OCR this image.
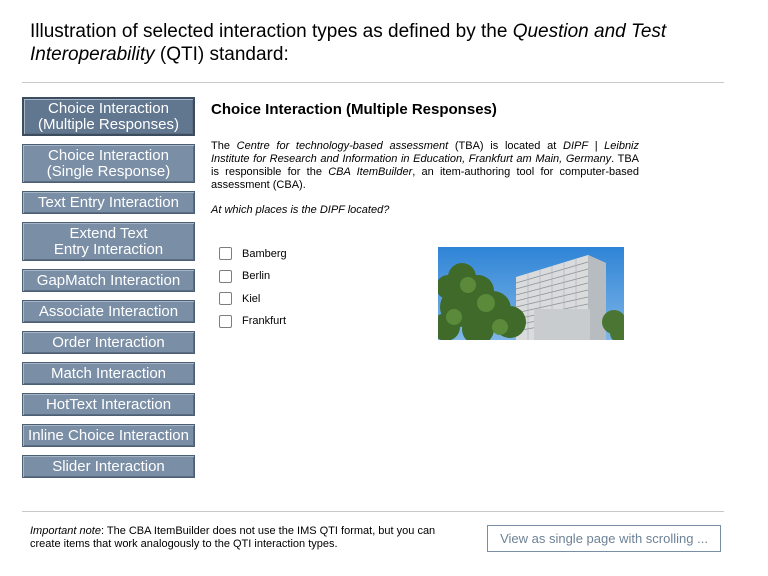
Illustration of selected interaction types as defined by the Question and Test Interoperability (QTI) standard:
Choice Interaction
(Multiple Responses)
Choice Interaction
(Single Response)
Text Entry Interaction
Extend Text
Entry Interaction
GapMatch Interaction
Associate Interaction
Order Interaction
Match Interaction
HotText Interaction
Inline Choice Interaction
Slider Interaction
Choice Interaction (Multiple Responses)
The Centre for technology-based assessment (TBA) is located at DIPF | Leibniz Institute for Research and Information in Education, Frankfurt am Main, Germany. TBA is responsible for the CBA ItemBuilder, an item-authoring tool for computer-based assessment (CBA).
At which places is the DIPF located?
Bamberg
Berlin
Kiel
Frankfurt
Important note: The CBA ItemBuilder does not use the IMS QTI format, but you can create items that work analogously to the QTI interaction types.	View as single page with scrolling ...
